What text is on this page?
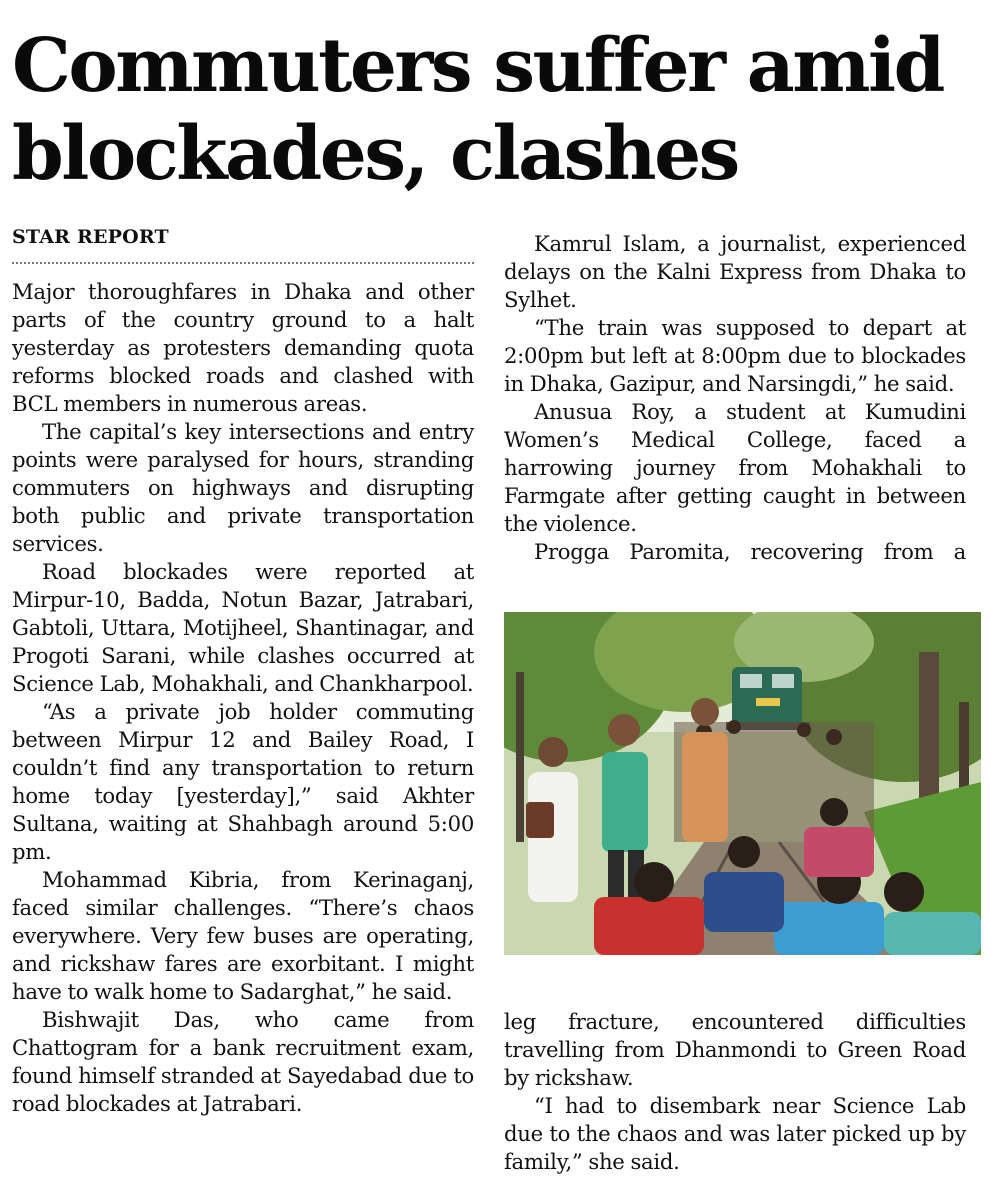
Commuters suffer amid blockades, clashes
STAR REPORT

Major thoroughfares in Dhaka and other parts of the country ground to a halt yesterday as protesters demanding quota reforms blocked roads and clashed with BCL members in numerous areas.

The capital’s key intersections and entry points were paralysed for hours, stranding commuters on highways and disrupting both public and private transportation services.

Road blockades were reported at Mirpur-10, Badda, Notun Bazar, Jatrabari, Gabtoli, Uttara, Motijheel, Shantinagar, and Progoti Sarani, while clashes occurred at Science Lab, Mohakhali, and Chankharpool.

“As a private job holder commuting between Mirpur 12 and Bailey Road, I couldn’t find any transportation to return home today [yesterday],” said Akhter Sultana, waiting at Shahbagh around 5:00 pm.

Mohammad Kibria, from Kerinaganj, faced similar challenges. “There’s chaos everywhere. Very few buses are operating, and rickshaw fares are exorbitant. I might have to walk home to Sadarghat,” he said.

Bishwajit Das, who came from Chattogram for a bank recruitment exam, found himself stranded at Sayedabad due to road blockades at Jatrabari.

Kamrul Islam, a journalist, experienced delays on the Kalni Express from Dhaka to Sylhet.

“The train was supposed to depart at 2:00pm but left at 8:00pm due to blockades in Dhaka, Gazipur, and Narsingdi,” he said.

Anusua Roy, a student at Kumudini Women’s Medical College, faced a harrowing journey from Mohakhali to Farmgate after getting caught in between the violence.

Progga Paromita, recovering from a

leg fracture, encountered difficulties travelling from Dhanmondi to Green Road by rickshaw.

“I had to disembark near Science Lab due to the chaos and was later picked up by family,” she said.
